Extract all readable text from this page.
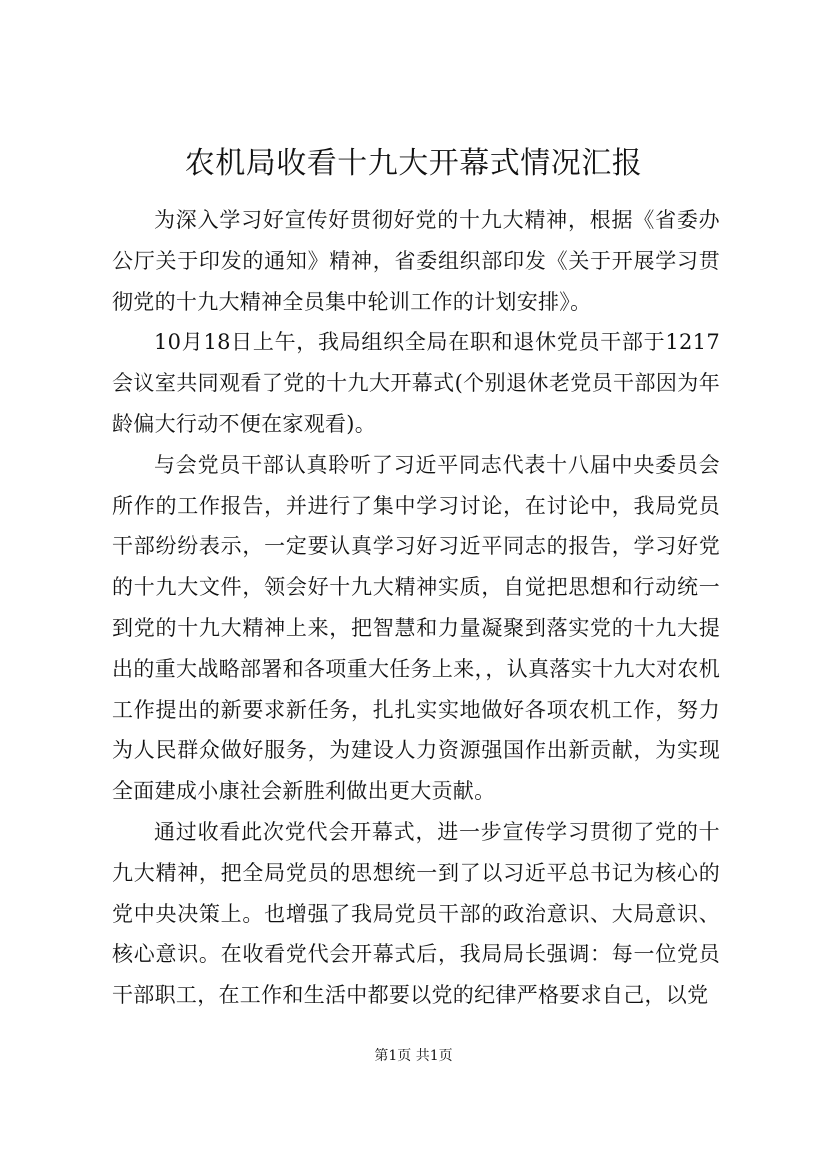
农机局收看十九大开幕式情况汇报

为深入学习好宣传好贯彻好党的十九大精神，根据《省委办公厅关于印发的通知》精神，省委组织部印发《关于开展学习贯彻党的十九大精神全员集中轮训工作的计划安排》。

10月18日上午，我局组织全局在职和退休党员干部于1217会议室共同观看了党的十九大开幕式(个别退休老党员干部因为年龄偏大行动不便在家观看)。

与会党员干部认真聆听了习近平同志代表十八届中央委员会所作的工作报告，并进行了集中学习讨论，在讨论中，我局党员干部纷纷表示，一定要认真学习好习近平同志的报告，学习好党的十九大文件，领会好十九大精神实质，自觉把思想和行动统一到党的十九大精神上来，把智慧和力量凝聚到落实党的十九大提出的重大战略部署和各项重大任务上来，，认真落实十九大对农机工作提出的新要求新任务，扎扎实实地做好各项农机工作，努力为人民群众做好服务，为建设人力资源强国作出新贡献，为实现全面建成小康社会新胜利做出更大贡献。

通过收看此次党代会开幕式，进一步宣传学习贯彻了党的十九大精神，把全局党员的思想统一到了以习近平总书记为核心的党中央决策上。也增强了我局党员干部的政治意识、大局意识、核心意识。在收看党代会开幕式后，我局局长强调：每一位党员干部职工，在工作和生活中都要以党的纪律严格要求自己，以党

第1页 共1页
